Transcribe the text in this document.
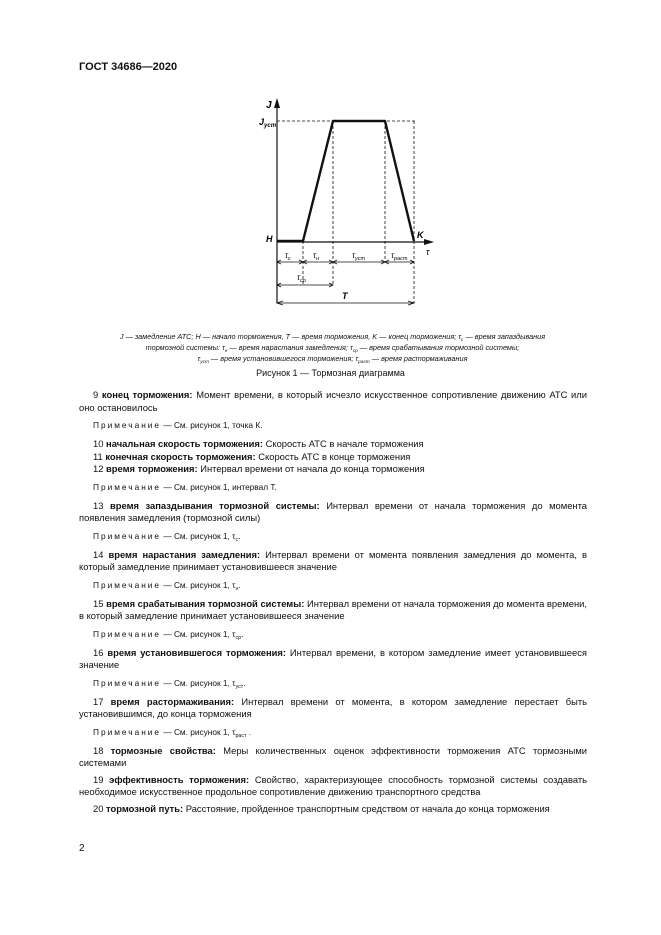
ГОСТ 34686—2020
J
τ
$J_{уст}$
H	K
$\tau_с$	$\tau_н$	$\tau_{уст}$	$\tau_{раст}$
$\tau_{ср}$
T
J — замедление АТС; H — начало торможения, T — время торможения, K — конец торможения; $\tau_с$ — время запаздывания
тормозной системы: $\tau_н$ — время нарастания замедления; $\tau_{ср}$ — время срабатывания тормозной системы;
$\tau_{уст}$ — время установившегося торможения; $\tau_{раст}$ — время растормаживания
Рисунок 1 — Тормозная диаграмма

9 конец торможения: Момент времени, в который исчезло искусственное сопротивление движению АТС или оно остановилось

Примечание — См. рисунок 1, точка К.

10 начальная скорость торможения: Скорость АТС в начале торможения

11 конечная скорость торможения: Скорость АТС в конце торможения

12 время торможения: Интервал времени от начала до конца торможения

Примечание — См. рисунок 1, интервал Т.

13 время запаздывания тормозной системы: Интервал времени от начала торможения до момента появления замедления (тормозной силы)

Примечание — См. рисунок 1, $\tau_с$.

14 время нарастания замедления: Интервал времени от момента появления замедления до момента, в который замедление принимает установившееся значение

Примечание — См. рисунок 1, $\tau_н$.

15 время срабатывания тормозной системы: Интервал времени от начала торможения до момента времени, в который замедление принимает установившееся значение

Примечание — См. рисунок 1, $\tau_{ср}$.

16 время установившегося торможения: Интервал времени, в котором замедление имеет установившееся значение

Примечание — См. рисунок 1, $\tau_{уст}$.

17 время растормаживания: Интервал времени от момента, в котором замедление перестает быть установившимся, до конца торможения

Примечание — См. рисунок 1, $\tau_{раст}$ .

18 тормозные свойства: Меры количественных оценок эффективности торможения АТС тормозными системами

19 эффективность торможения: Свойство, характеризующее способность тормозной системы создавать необходимое искусственное продольное сопротивление движению транспортного средства

20 тормозной путь: Расстояние, пройденное транспортным средством от начала до конца торможения

2
